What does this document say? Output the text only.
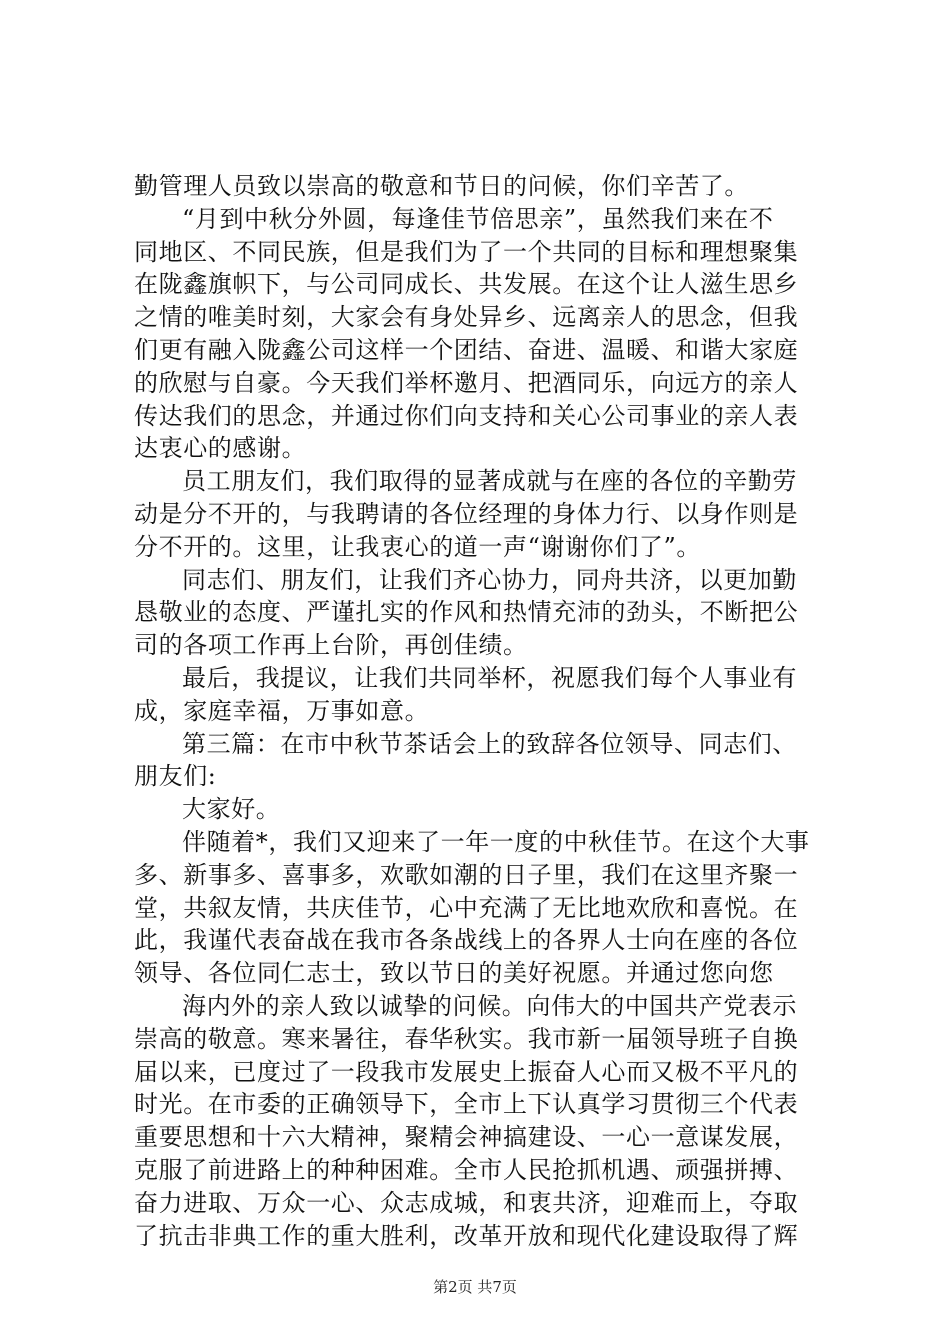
勤管理人员致以崇高的敬意和节日的问候，你们辛苦了。
“月到中秋分外圆，每逢佳节倍思亲”，虽然我们来在不
同地区、不同民族，但是我们为了一个共同的目标和理想聚集
在陇鑫旗帜下，与公司同成长、共发展。在这个让人滋生思乡
之情的唯美时刻，大家会有身处异乡、远离亲人的思念，但我
们更有融入陇鑫公司这样一个团结、奋进、温暖、和谐大家庭
的欣慰与自豪。今天我们举杯邀月、把酒同乐，向远方的亲人
传达我们的思念，并通过你们向支持和关心公司事业的亲人表
达衷心的感谢。
员工朋友们，我们取得的显著成就与在座的各位的辛勤劳
动是分不开的，与我聘请的各位经理的身体力行、以身作则是
分不开的。这里，让我衷心的道一声“谢谢你们了”。
同志们、朋友们，让我们齐心协力，同舟共济，以更加勤
恳敬业的态度、严谨扎实的作风和热情充沛的劲头，不断把公
司的各项工作再上台阶，再创佳绩。
最后，我提议，让我们共同举杯，祝愿我们每个人事业有
成，家庭幸福，万事如意。
第三篇：在市中秋节茶话会上的致辞各位领导、同志们、
朋友们:
大家好。
伴随着*，我们又迎来了一年一度的中秋佳节。在这个大事
多、新事多、喜事多，欢歌如潮的日子里，我们在这里齐聚一
堂，共叙友情，共庆佳节，心中充满了无比地欢欣和喜悦。在
此，我谨代表奋战在我市各条战线上的各界人士向在座的各位
领导、各位同仁志士，致以节日的美好祝愿。并通过您向您
海内外的亲人致以诚挚的问候。向伟大的中国共产党表示
崇高的敬意。寒来暑往，春华秋实。我市新一届领导班子自换
届以来，已度过了一段我市发展史上振奋人心而又极不平凡的
时光。在市委的正确领导下，全市上下认真学习贯彻三个代表
重要思想和十六大精神，聚精会神搞建设、一心一意谋发展，
克服了前进路上的种种困难。全市人民抢抓机遇、顽强拼搏、
奋力进取、万众一心、众志成城，和衷共济，迎难而上，夺取
了抗击非典工作的重大胜利，改革开放和现代化建设取得了辉
第2页 共7页
